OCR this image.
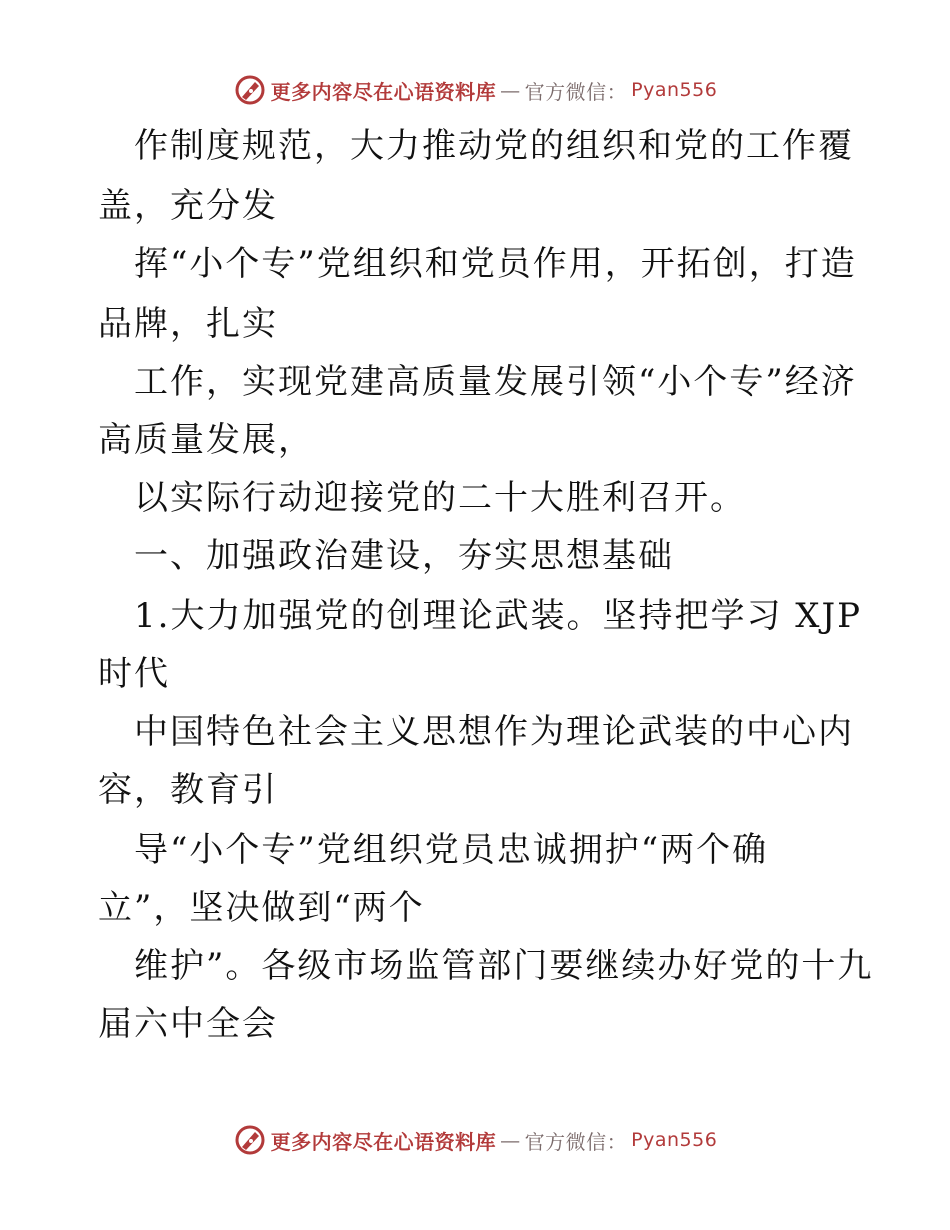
更多内容尽在心语资料库 — 官方微信： Pyan556
作制度规范，大力推动党的组织和党的工作覆
盖，充分发
挥“小个专”党组织和党员作用，开拓创，打造
品牌，扎实
工作，实现党建高质量发展引领“小个专”经济
高质量发展，
以实际行动迎接党的二十大胜利召开。
一、加强政治建设，夯实思想基础
1.大力加强党的创理论武装。坚持把学习 XJP
时代
中国特色社会主义思想作为理论武装的中心内
容，教育引
导“小个专”党组织党员忠诚拥护“两个确
立”，坚决做到“两个
维护”。各级市场监管部门要继续办好党的十九
届六中全会
更多内容尽在心语资料库 — 官方微信： Pyan556
